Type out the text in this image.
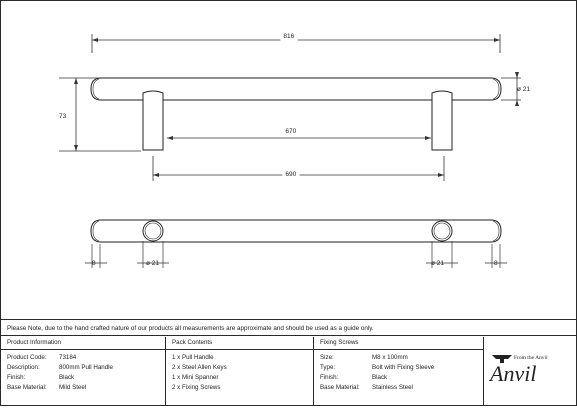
816
73
ø 21
670
690
8	ø 21	ø 21	8
Please Note, due to the hand crafted nature of our products all measurements are approximate and should be used as a guide only.
Product Information
Product Code: 73184
Description:	800mm Pull Handle
Finish:	Black
Base Material: Mild Steel
Pack Contents
1 x Pull Handle
2 x Steel Allen Keys
1 x Mini Spanner
2 x Fixing Screws
Fixing Screws
Size:	M8 x 100mm
Type:	Bolt with Fixing Sleeve
Finish:	Black
Base Material: Stainless Steel
From the Anvil
Anvil
